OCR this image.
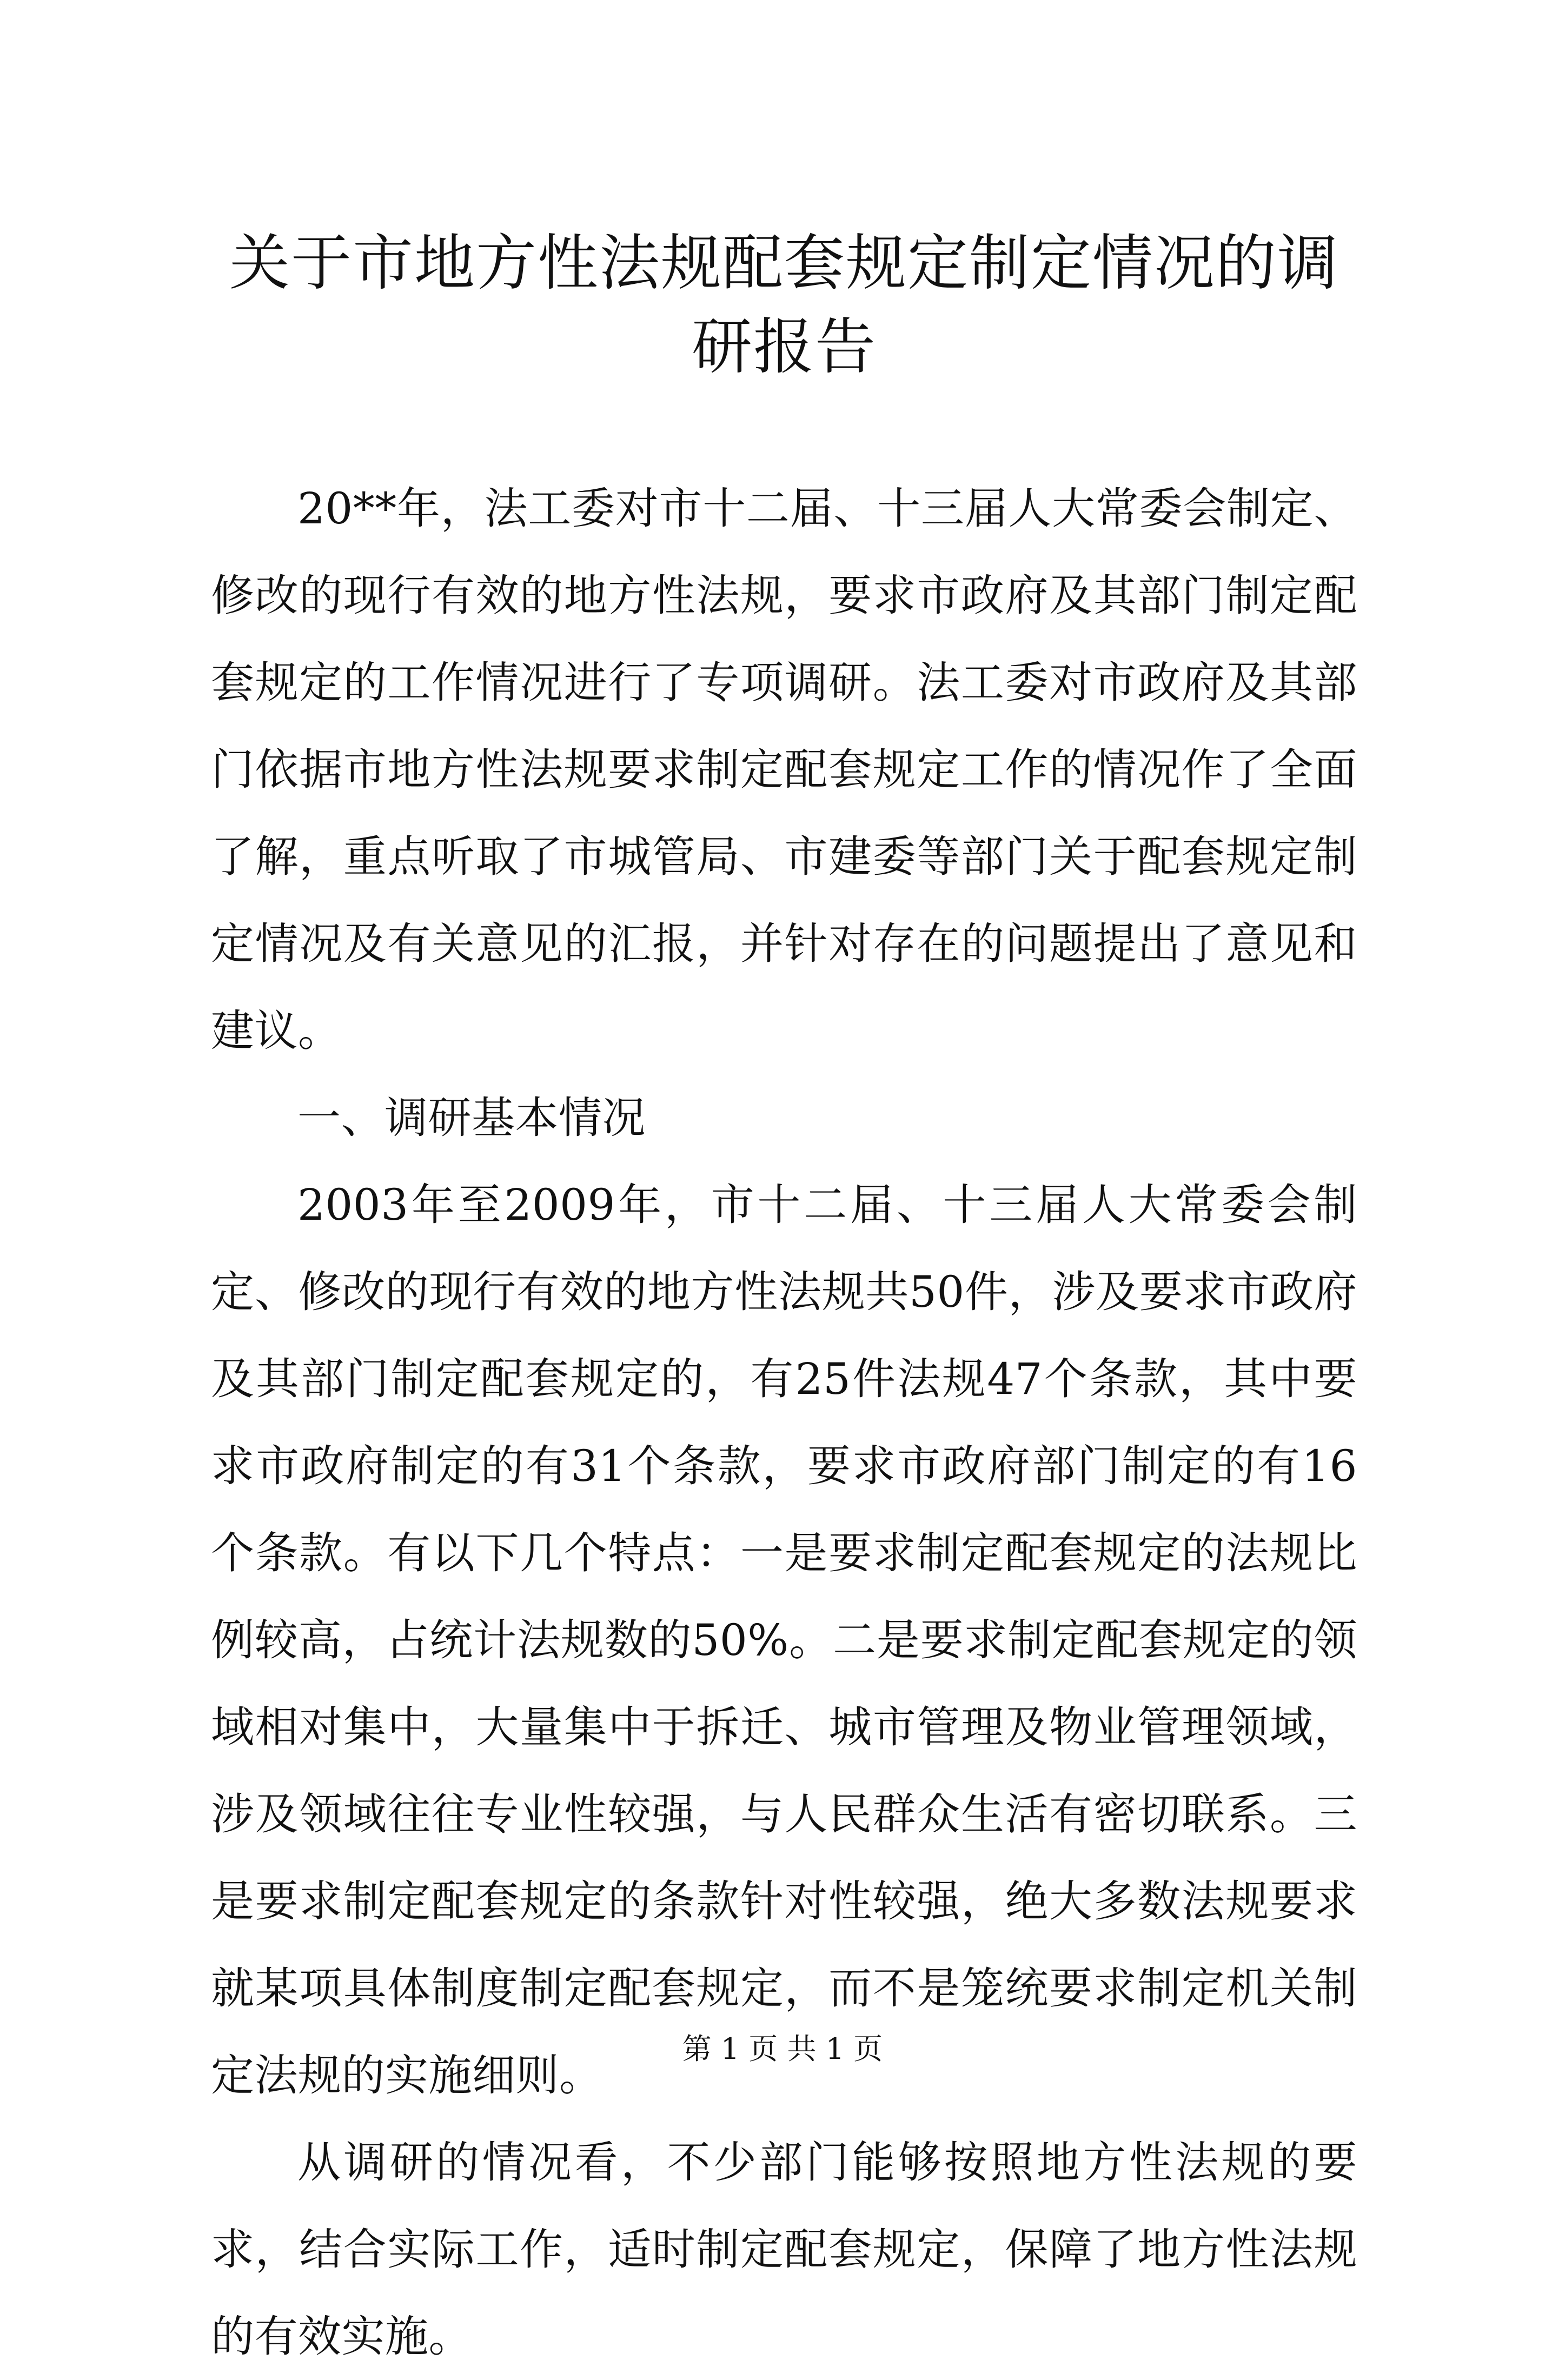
关于市地方性法规配套规定制定情况的调研报告

20**年，法工委对市十二届、十三届人大常委会制定、修改的现行有效的地方性法规，要求市政府及其部门制定配套规定的工作情况进行了专项调研。法工委对市政府及其部门依据市地方性法规要求制定配套规定工作的情况作了全面了解，重点听取了市城管局、市建委等部门关于配套规定制定情况及有关意见的汇报，并针对存在的问题提出了意见和建议。

一、调研基本情况

2003年至2009年，市十二届、十三届人大常委会制定、修改的现行有效的地方性法规共50件，涉及要求市政府及其部门制定配套规定的，有25件法规47个条款，其中要求市政府制定的有31个条款，要求市政府部门制定的有16个条款。有以下几个特点：一是要求制定配套规定的法规比例较高，占统计法规数的50%。二是要求制定配套规定的领域相对集中，大量集中于拆迁、城市管理及物业管理领域，涉及领域往往专业性较强，与人民群众生活有密切联系。三是要求制定配套规定的条款针对性较强，绝大多数法规要求就某项具体制度制定配套规定，而不是笼统要求制定机关制定法规的实施细则。

从调研的情况看，不少部门能够按照地方性法规的要求，结合实际工作，适时制定配套规定，保障了地方性法规的有效实施。

第 1 页 共 1 页
